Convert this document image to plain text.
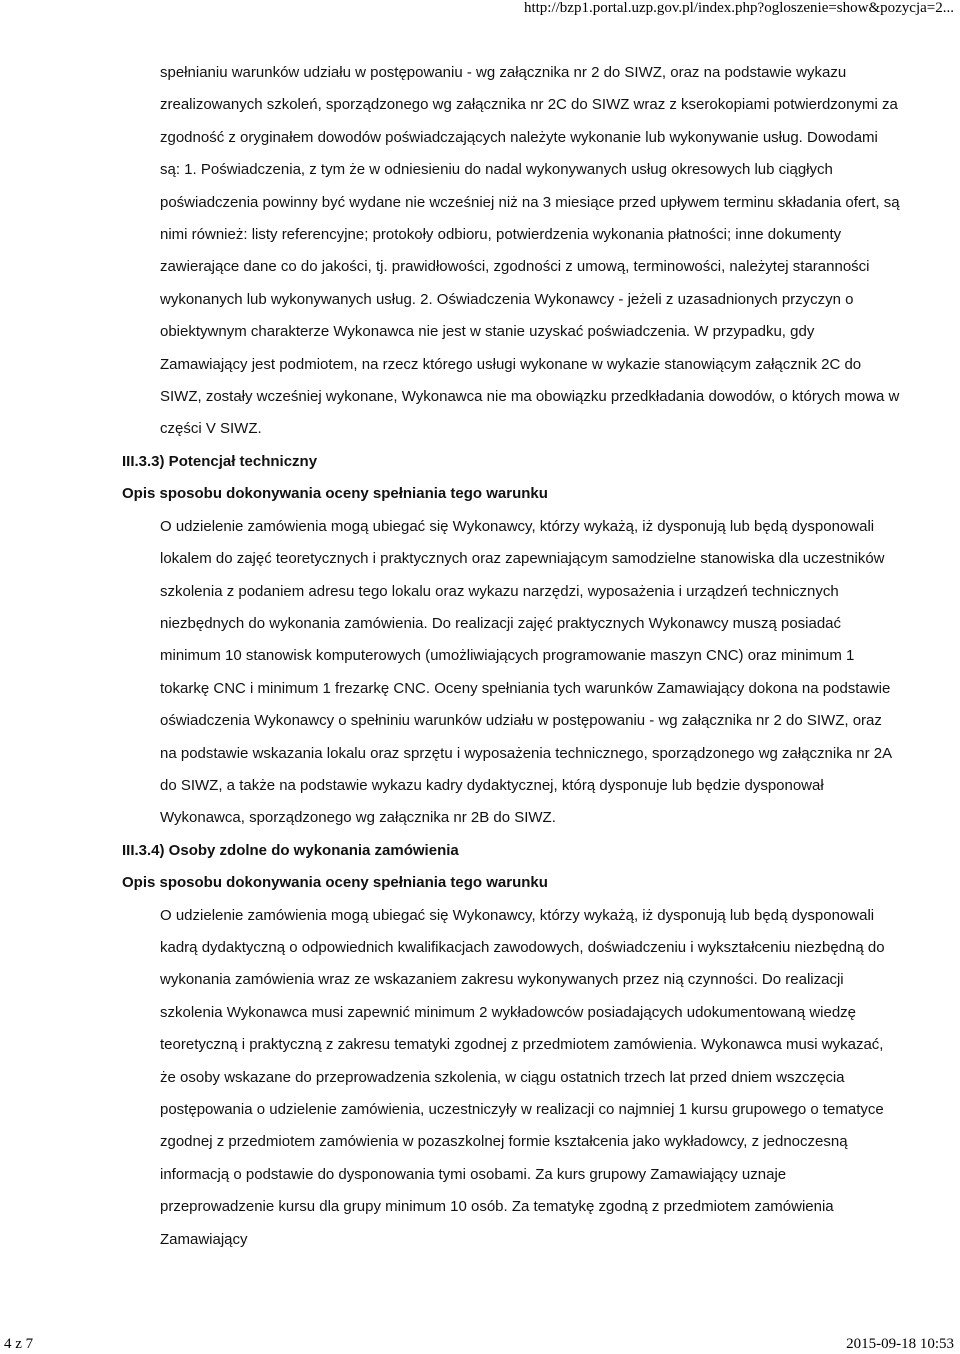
http://bzp1.portal.uzp.gov.pl/index.php?ogloszenie=show&pozycja=2...

spełnianiu warunków udziału w postępowaniu - wg załącznika nr 2 do SIWZ, oraz na podstawie wykazu zrealizowanych szkoleń, sporządzonego wg załącznika nr 2C do SIWZ wraz z kserokopiami potwierdzonymi za zgodność z oryginałem dowodów poświadczających należyte wykonanie lub wykonywanie usług. Dowodami są: 1. Poświadczenia, z tym że w odniesieniu do nadal wykonywanych usług okresowych lub ciągłych poświadczenia powinny być wydane nie wcześniej niż na 3 miesiące przed upływem terminu składania ofert, są nimi również: listy referencyjne; protokoły odbioru, potwierdzenia wykonania płatności; inne dokumenty zawierające dane co do jakości, tj. prawidłowości, zgodności z umową, terminowości, należytej staranności wykonanych lub wykonywanych usług. 2. Oświadczenia Wykonawcy - jeżeli z uzasadnionych przyczyn o obiektywnym charakterze Wykonawca nie jest w stanie uzyskać poświadczenia. W przypadku, gdy Zamawiający jest podmiotem, na rzecz którego usługi wykonane w wykazie stanowiącym załącznik 2C do SIWZ, zostały wcześniej wykonane, Wykonawca nie ma obowiązku przedkładania dowodów, o których mowa w części V SIWZ.

III.3.3) Potencjał techniczny
Opis sposobu dokonywania oceny spełniania tego warunku

O udzielenie zamówienia mogą ubiegać się Wykonawcy, którzy wykażą, iż dysponują lub będą dysponowali lokalem do zajęć teoretycznych i praktycznych oraz zapewniającym samodzielne stanowiska dla uczestników szkolenia z podaniem adresu tego lokalu oraz wykazu narzędzi, wyposażenia i urządzeń technicznych niezbędnych do wykonania zamówienia. Do realizacji zajęć praktycznych Wykonawcy muszą posiadać minimum 10 stanowisk komputerowych (umożliwiających programowanie maszyn CNC) oraz minimum 1 tokarkę CNC i minimum 1 frezarkę CNC. Oceny spełniania tych warunków Zamawiający dokona na podstawie oświadczenia Wykonawcy o spełniniu warunków udziału w postępowaniu - wg załącznika nr 2 do SIWZ, oraz na podstawie wskazania lokalu oraz sprzętu i wyposażenia technicznego, sporządzonego wg załącznika nr 2A do SIWZ, a także na podstawie wykazu kadry dydaktycznej, którą dysponuje lub będzie dysponował Wykonawca, sporządzonego wg załącznika nr 2B do SIWZ.

III.3.4) Osoby zdolne do wykonania zamówienia
Opis sposobu dokonywania oceny spełniania tego warunku

O udzielenie zamówienia mogą ubiegać się Wykonawcy, którzy wykażą, iż dysponują lub będą dysponowali kadrą dydaktyczną o odpowiednich kwalifikacjach zawodowych, doświadczeniu i wykształceniu niezbędną do wykonania zamówienia wraz ze wskazaniem zakresu wykonywanych przez nią czynności. Do realizacji szkolenia Wykonawca musi zapewnić minimum 2 wykładowców posiadających udokumentowaną wiedzę teoretyczną i praktyczną z zakresu tematyki zgodnej z przedmiotem zamówienia. Wykonawca musi wykazać, że osoby wskazane do przeprowadzenia szkolenia, w ciągu ostatnich trzech lat przed dniem wszczęcia postępowania o udzielenie zamówienia, uczestniczyły w realizacji co najmniej 1 kursu grupowego o tematyce zgodnej z przedmiotem zamówienia w pozaszkolnej formie kształcenia jako wykładowcy, z jednoczesną informacją o podstawie do dysponowania tymi osobami. Za kurs grupowy Zamawiający uznaje przeprowadzenie kursu dla grupy minimum 10 osób. Za tematykę zgodną z przedmiotem zamówienia Zamawiający

4 z 7	2015-09-18 10:53
